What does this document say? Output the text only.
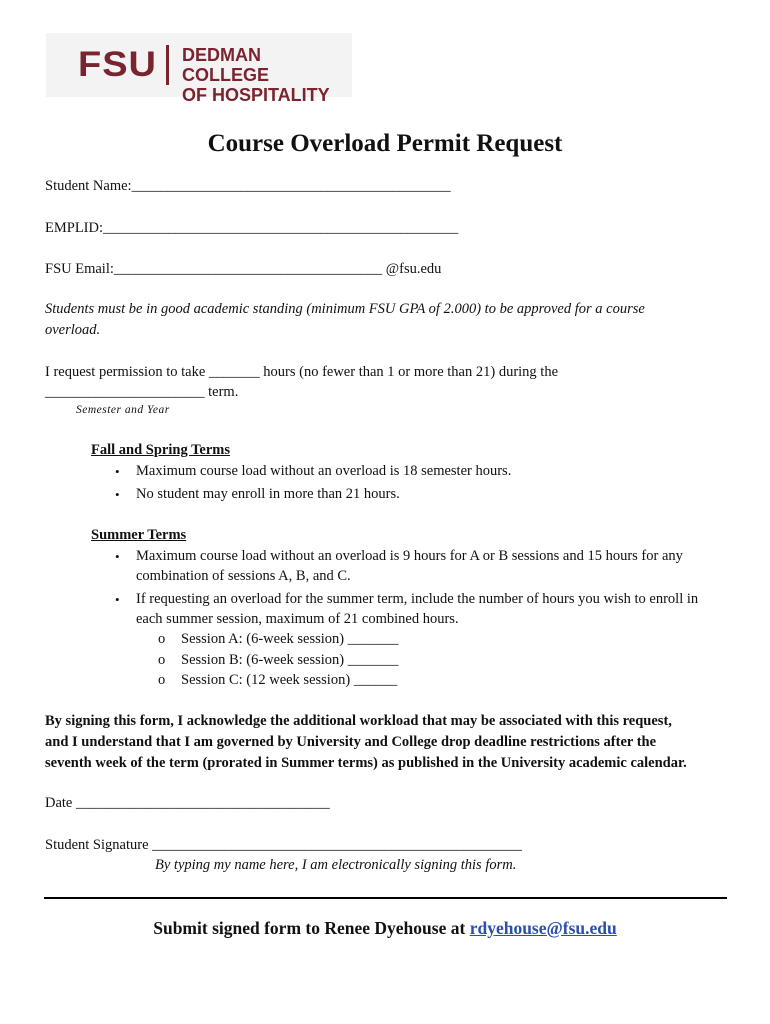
FSU DEDMAN COLLEGE
OF HOSPITALITY
Course Overload Permit Request
Student Name:____________________________________________
EMPLID:_________________________________________________
FSU Email:_____________________________________ @fsu.edu
Students must be in good academic standing (minimum FSU GPA of 2.000) to be approved for a course
overload.
I request permission to take _______ hours (no fewer than 1 or more than 21) during the
______________________ term.
Semester and Year
Fall and Spring Terms
• Maximum course load without an overload is 18 semester hours.
• No student may enroll in more than 21 hours.
Summer Terms
• Maximum course load without an overload is 9 hours for A or B sessions and 15 hours for any
combination of sessions A, B, and C.
• If requesting an overload for the summer term, include the number of hours you wish to enroll in
each summer session, maximum of 21 combined hours.
o Session A: (6-week session) _______
o Session B: (6-week session) _______
o Session C: (12 week session) ______
By signing this form, I acknowledge the additional workload that may be associated with this request,
and I understand that I am governed by University and College drop deadline restrictions after the
seventh week of the term (prorated in Summer terms) as published in the University academic calendar.
Date ___________________________________
Student Signature ___________________________________________________
By typing my name here, I am electronically signing this form.
Submit signed form to Renee Dyehouse at rdyehouse@fsu.edu
